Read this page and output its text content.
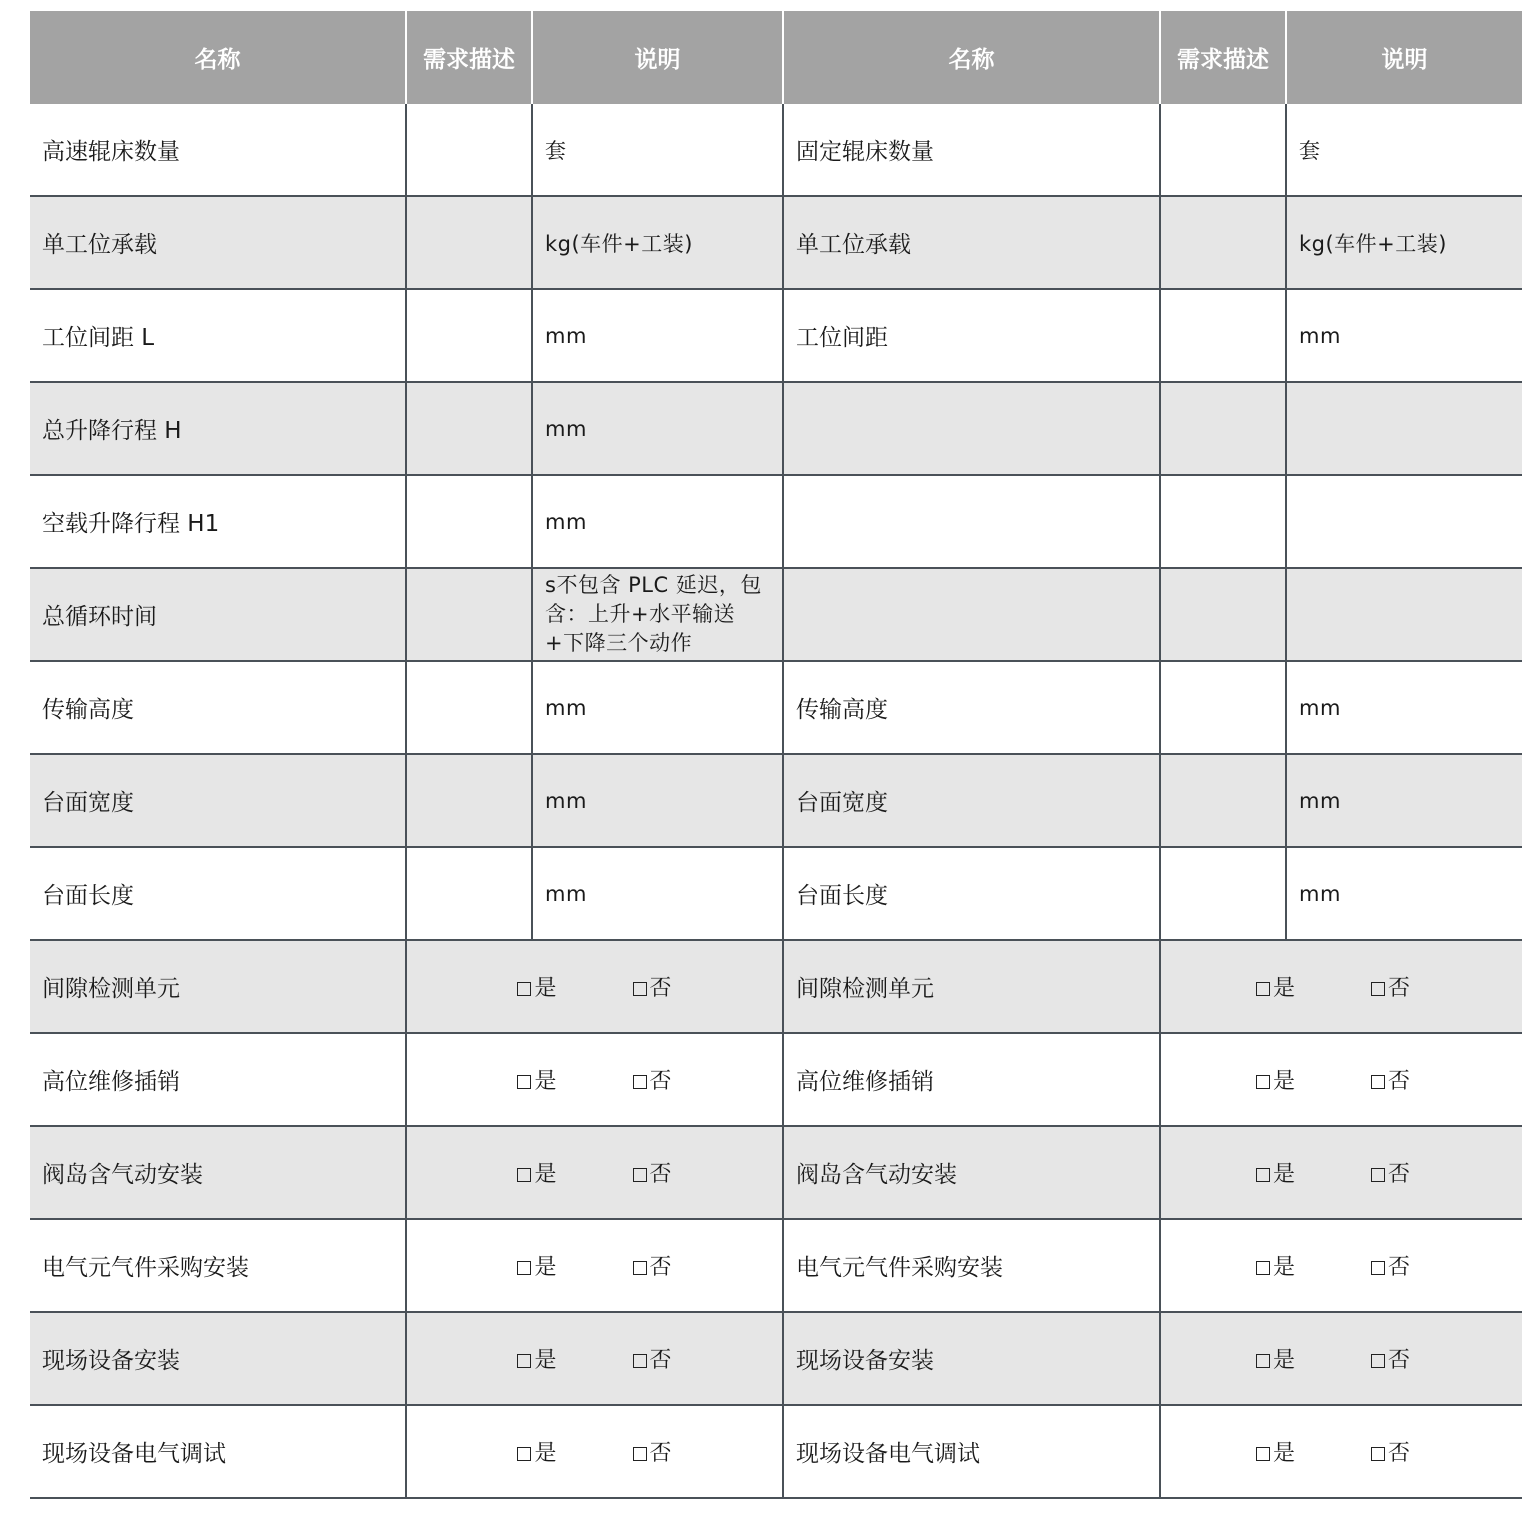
名称	需求描述	说明	名称	需求描述	说明
高速辊床数量		套	固定辊床数量		套
单工位承载		kg(车件+工装)	单工位承载		kg(车件+工装)
工位间距 L		mm	工位间距		mm
总升降行程 H		mm			
空载升降行程 H1		mm			
总循环时间		s不包含 PLC 延迟，包含：上升+水平输送+下降三个动作			
传输高度		mm	传输高度		mm
台面宽度		mm	台面宽度		mm
台面长度		mm	台面长度		mm
间隙检测单元	是 否		间隙检测单元	是 否	
高位维修插销	是 否		高位维修插销	是 否	
阀岛含气动安装	是 否		阀岛含气动安装	是 否	
电气元气件采购安装	是 否		电气元气件采购安装	是 否	
现场设备安装	是 否		现场设备安装	是 否	
现场设备电气调试	是 否		现场设备电气调试	是 否	
